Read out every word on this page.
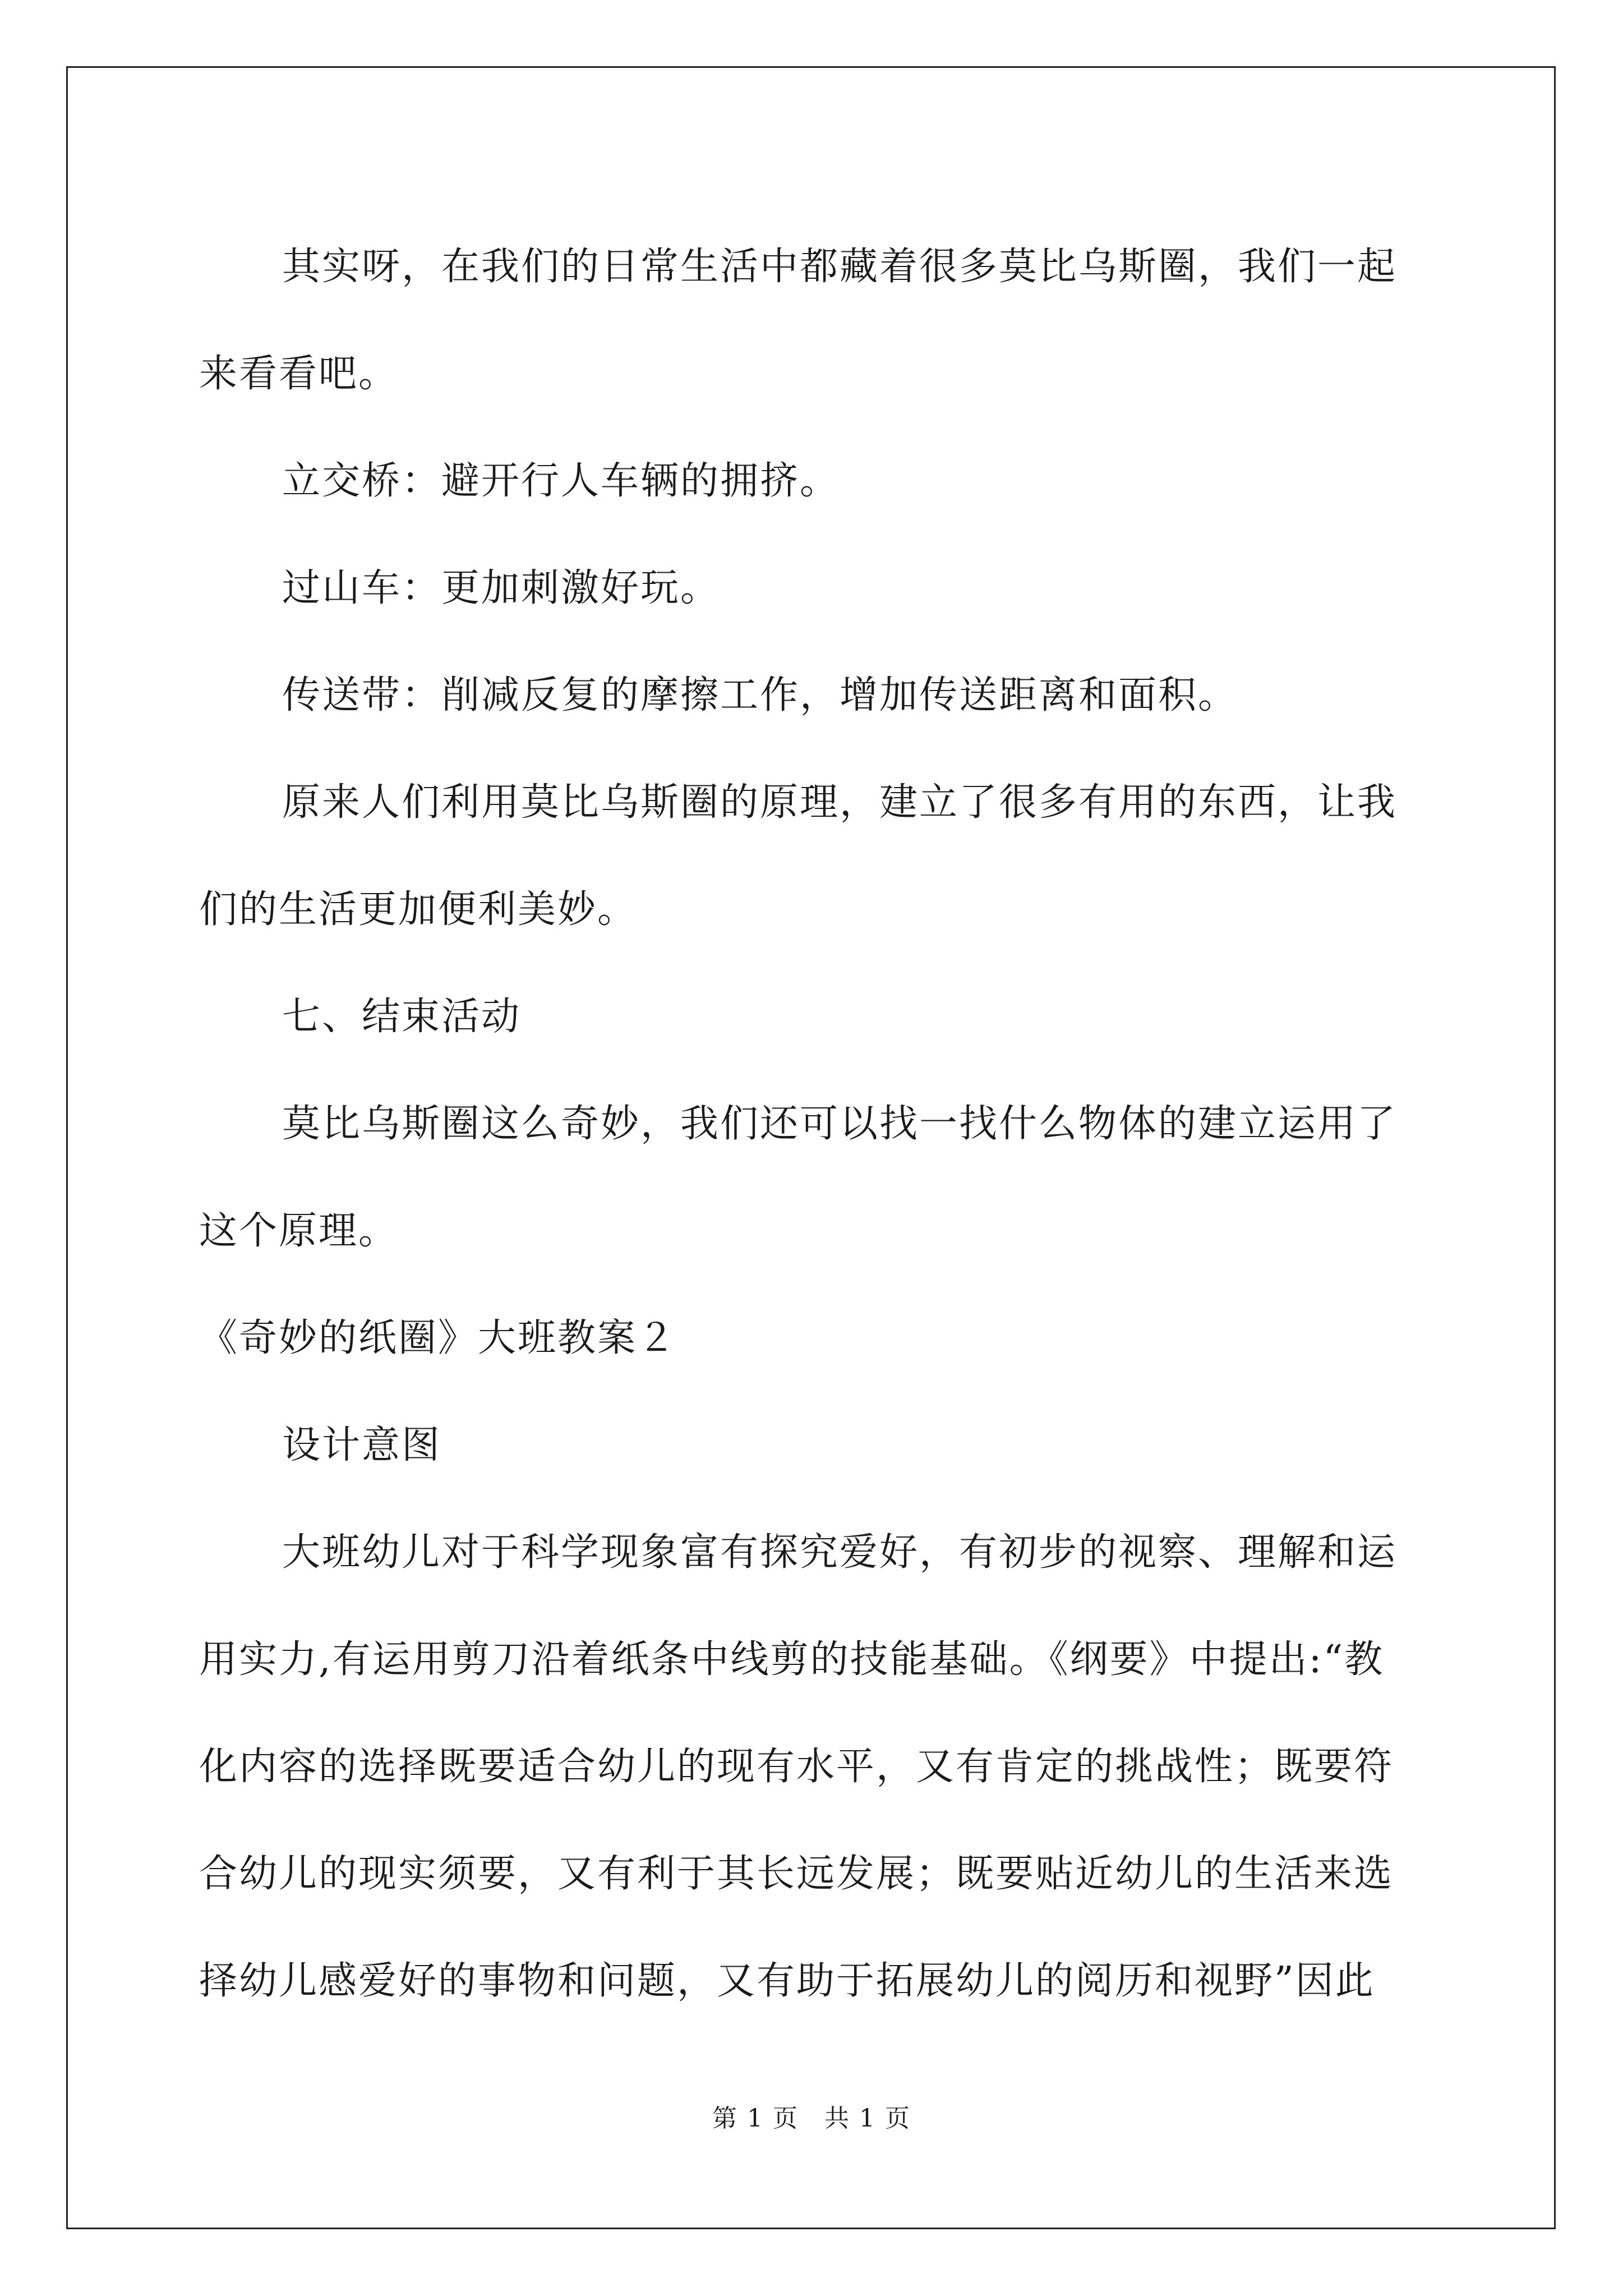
其实呀，在我们的日常生活中都藏着很多莫比乌斯圈，我们一起
来看看吧。

立交桥：避开行人车辆的拥挤。

过山车：更加刺激好玩。

传送带：削减反复的摩擦工作，增加传送距离和面积。

原来人们利用莫比乌斯圈的原理，建立了很多有用的东西，让我
们的生活更加便利美妙。

七、结束活动

莫比乌斯圈这么奇妙，我们还可以找一找什么物体的建立运用了
这个原理。

《奇妙的纸圈》大班教案２

设计意图

大班幼儿对于科学现象富有探究爱好，有初步的视察、理解和运
用实力,有运用剪刀沿着纸条中线剪的技能基础。《纲要》中提出:“教
化内容的选择既要适合幼儿的现有水平，又有肯定的挑战性；既要符
合幼儿的现实须要，又有利于其长远发展；既要贴近幼儿的生活来选
择幼儿感爱好的事物和问题，又有助于拓展幼儿的阅历和视野”因此

第 1 页　共 1 页
